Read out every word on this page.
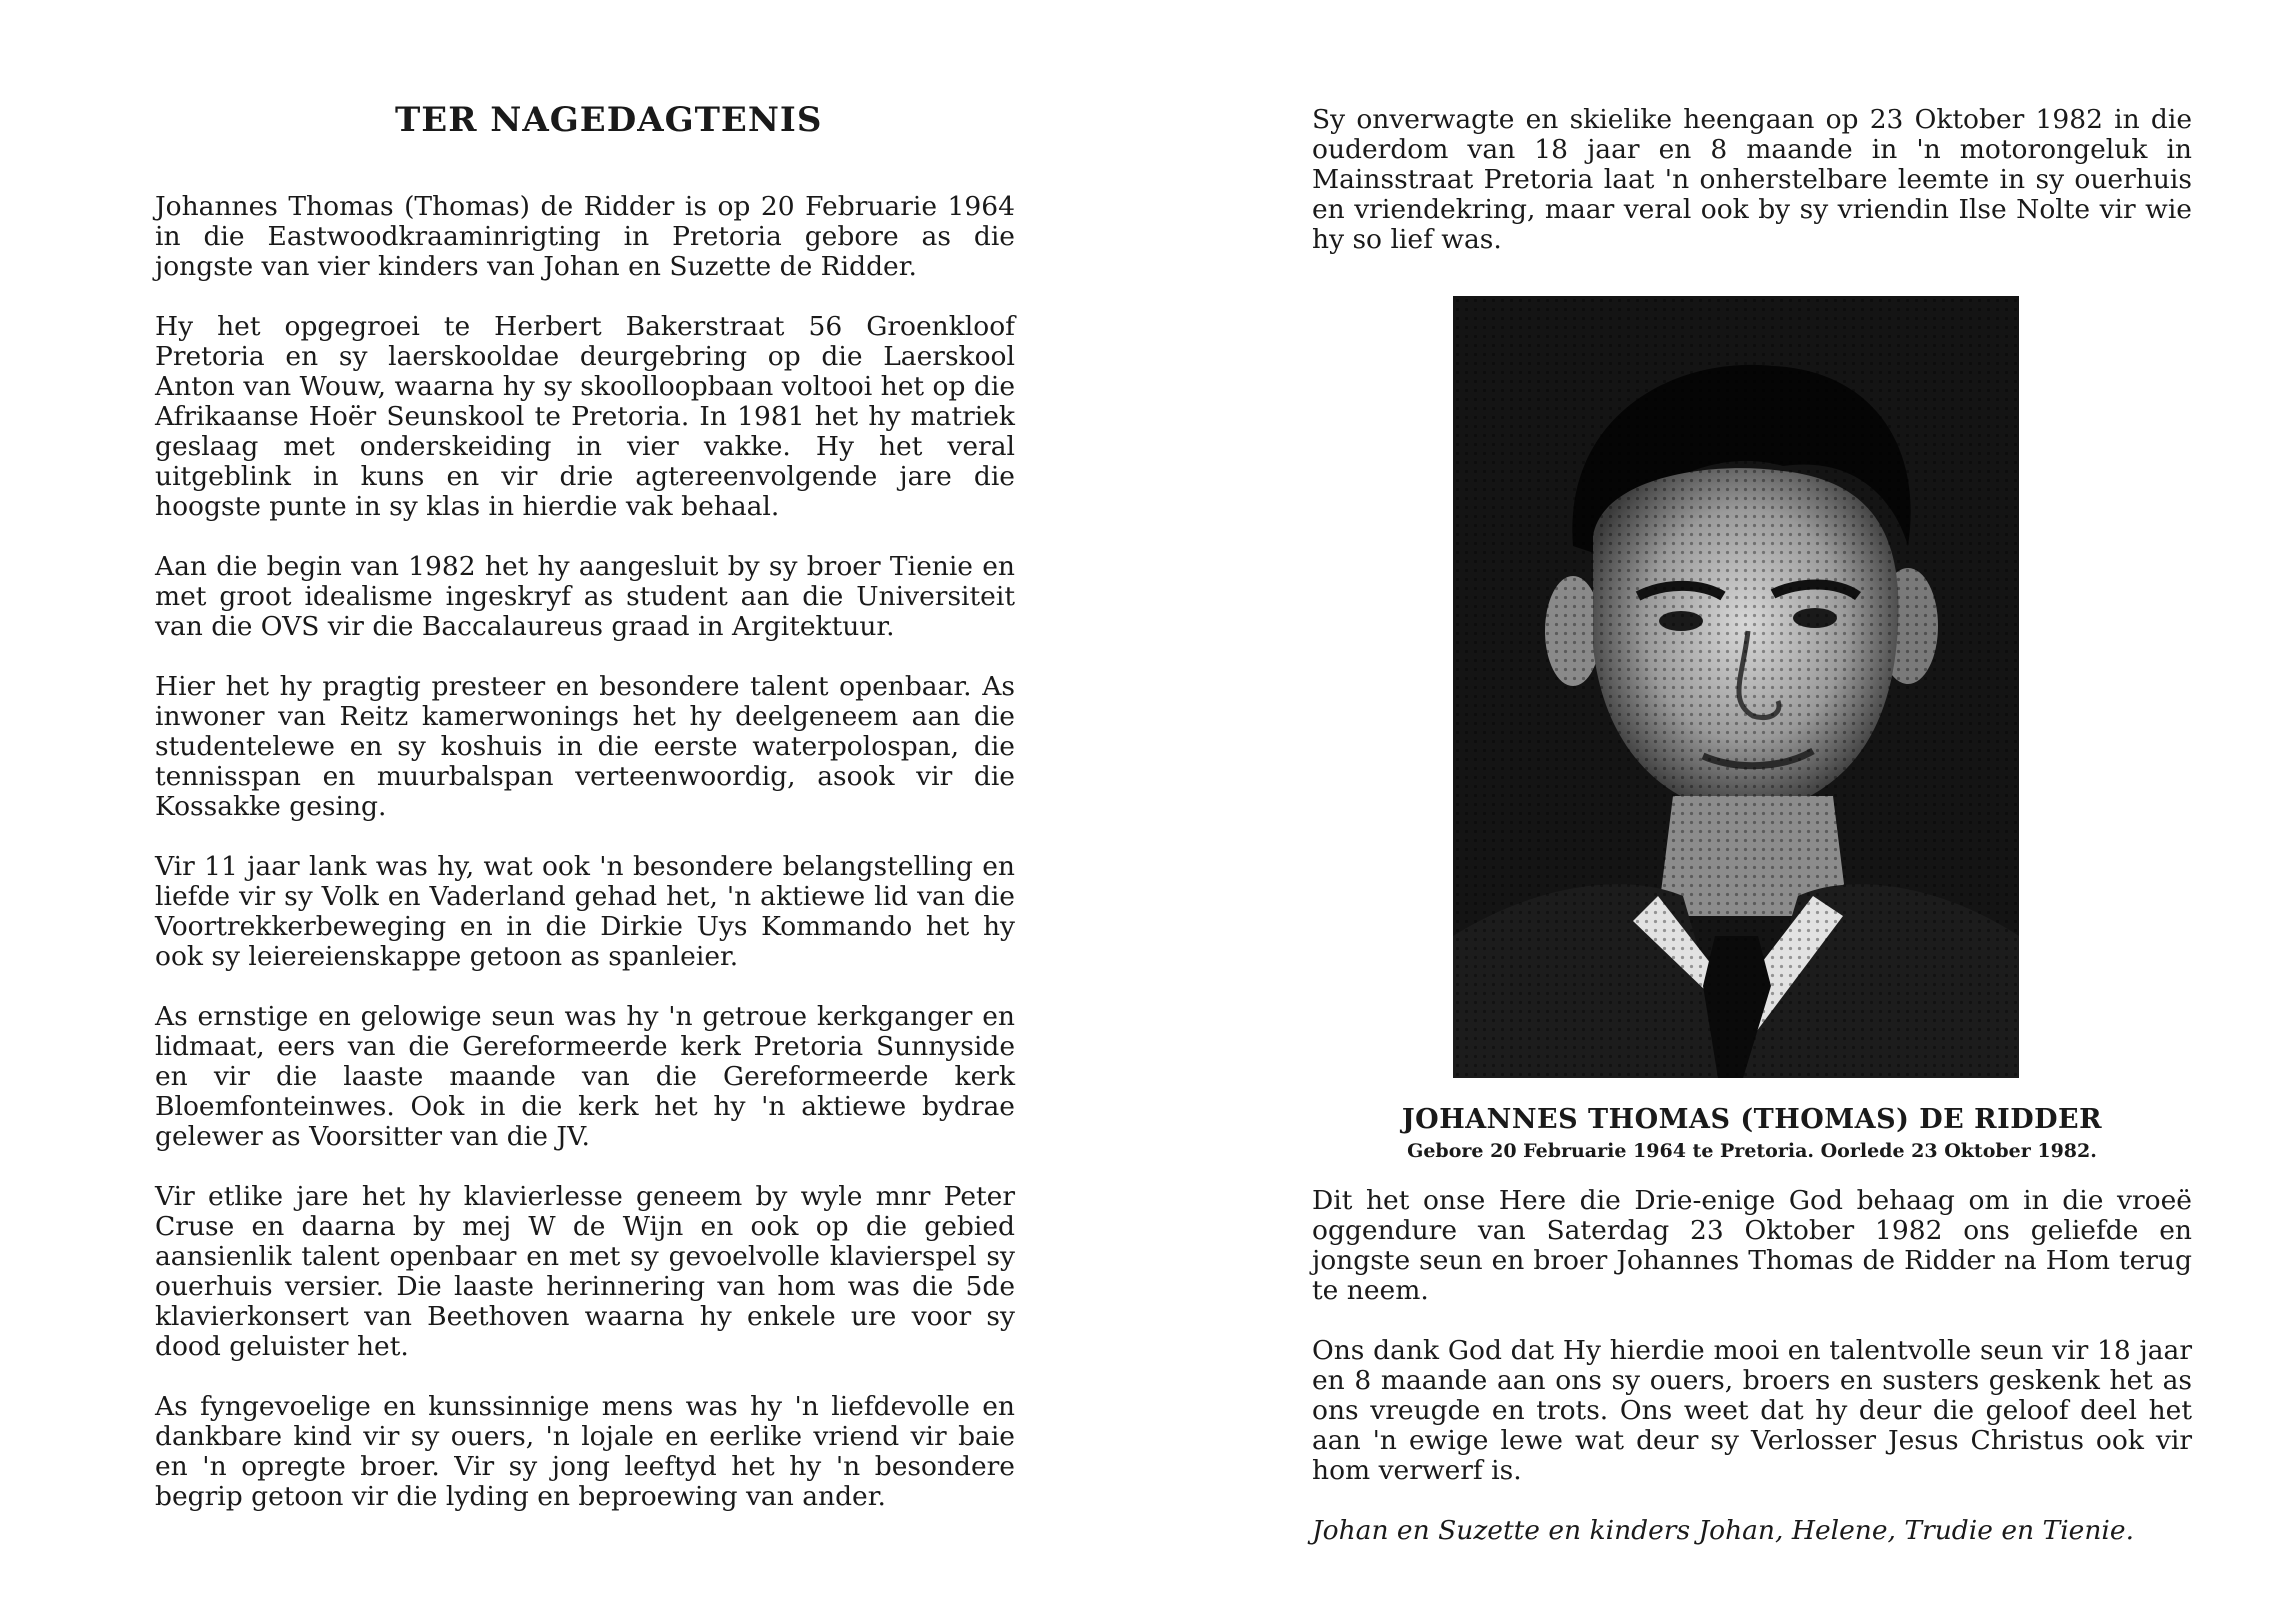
TER NAGEDAGTENIS

Johannes Thomas (Thomas) de Ridder is op 20 Februarie 1964 in die Eastwoodkraaminrigting in Pretoria gebore as die jongste van vier kinders van Johan en Suzette de Ridder.

Hy het opgegroei te Herbert Bakerstraat 56 Groenkloof Pretoria en sy laerskooldae deurgebring op die Laerskool Anton van Wouw, waarna hy sy skoolloopbaan voltooi het op die Afrikaanse Hoër Seunskool te Pretoria. In 1981 het hy matriek geslaag met onderskeiding in vier vakke. Hy het veral uitgeblink in kuns en vir drie agtereenvolgende jare die hoogste punte in sy klas in hierdie vak behaal.

Aan die begin van 1982 het hy aangesluit by sy broer Tienie en met groot idealisme ingeskryf as student aan die Universiteit van die OVS vir die Baccalaureus graad in Argitektuur.

Hier het hy pragtig presteer en besondere talent openbaar. As inwoner van Reitz kamerwonings het hy deelgeneem aan die studentelewe en sy koshuis in die eerste waterpolospan, die tennisspan en muurbalspan verteenwoordig, asook vir die Kossakke gesing.

Vir 11 jaar lank was hy, wat ook 'n besondere belangstelling en liefde vir sy Volk en Vaderland gehad het, 'n aktiewe lid van die Voortrekkerbeweging en in die Dirkie Uys Kommando het hy ook sy leiereienskappe getoon as spanleier.

As ernstige en gelowige seun was hy 'n getroue kerkganger en lidmaat, eers van die Gereformeerde kerk Pretoria Sunnyside en vir die laaste maande van die Gereformeerde kerk Bloemfonteinwes. Ook in die kerk het hy 'n aktiewe bydrae gelewer as Voorsitter van die JV.

Vir etlike jare het hy klavierlesse geneem by wyle mnr Peter Cruse en daarna by mej W de Wijn en ook op die gebied aansienlik talent openbaar en met sy gevoelvolle klavierspel sy ouerhuis versier. Die laaste herinnering van hom was die 5de klavierkonsert van Beethoven waarna hy enkele ure voor sy dood geluister het.

As fyngevoelige en kunssinnige mens was hy 'n liefdevolle en dankbare kind vir sy ouers, 'n lojale en eerlike vriend vir baie en 'n opregte broer. Vir sy jong leeftyd het hy 'n besondere begrip getoon vir die lyding en beproewing van ander.

Sy onverwagte en skielike heengaan op 23 Oktober 1982 in die ouderdom van 18 jaar en 8 maande in 'n motorongeluk in Mainsstraat Pretoria laat 'n onherstelbare leemte in sy ouerhuis en vriendekring, maar veral ook by sy vriendin Ilse Nolte vir wie hy so lief was.

JOHANNES THOMAS (THOMAS) DE RIDDER
Gebore 20 Februarie 1964 te Pretoria. Oorlede 23 Oktober 1982.

Dit het onse Here die Drie-enige God behaag om in die vroeë oggendure van Saterdag 23 Oktober 1982 ons geliefde en jongste seun en broer Johannes Thomas de Ridder na Hom terug te neem.

Ons dank God dat Hy hierdie mooi en talentvolle seun vir 18 jaar en 8 maande aan ons sy ouers, broers en susters geskenk het as ons vreugde en trots. Ons weet dat hy deur die geloof deel het aan 'n ewige lewe wat deur sy Verlosser Jesus Christus ook vir hom verwerf is.

Johan en Suzette en kinders Johan, Helene, Trudie en Tienie.
